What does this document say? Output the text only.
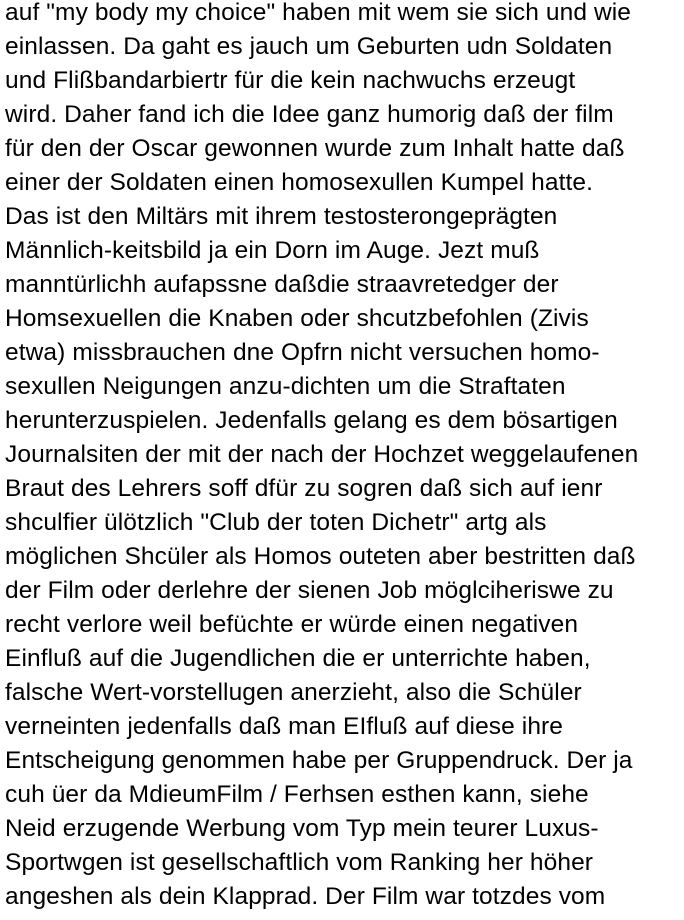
auf "my body my choice" haben mit wem sie sich und wie
einlassen. Da gaht es jauch um Geburten udn Soldaten
und Flißbandarbiertr für die kein nachwuchs erzeugt
wird. Daher fand ich die Idee ganz humorig daß der film
für den der Oscar gewonnen wurde zum Inhalt hatte daß
einer der Soldaten einen homosexullen Kumpel hatte.
Das ist den Miltärs mit ihrem testosterongeprägten
Männlich-keitsbild ja ein Dorn im Auge. Jezt muß
manntürlichh aufapssne daßdie straavretedger der
Homsexuellen die Knaben oder shcutzbefohlen (Zivis
etwa) missbrauchen dne Opfrn nicht versuchen homo-
sexullen Neigungen anzu-dichten um die Straftaten
herunterzuspielen. Jedenfalls gelang es dem bösartigen
Journalsiten der mit der nach der Hochzet weggelaufenen
Braut des Lehrers soff dfür zu sogren daß sich auf ienr
shculfier ülötzlich "Club der toten Dichetr" artg als
möglichen Shcüler als Homos outeten aber bestritten daß
der Film oder derlehre der sienen Job möglciheriswe zu
recht verlore weil befüchte er würde einen negativen
Einfluß auf die Jugendlichen die er unterrichte haben,
falsche Wert-vorstellugen anerzieht, also die Schüler
verneinten jedenfalls daß man EIfluß auf diese ihre
Entscheigung genommen habe per Gruppendruck. Der ja
cuh üer da MdieumFilm / Ferhsen esthen kann, siehe
Neid erzugende Werbung vom Typ mein teurer Luxus-
Sportwgen ist gesellschaftlich vom Ranking her höher
angeshen als dein Klapprad. Der Film war totzdes vom
